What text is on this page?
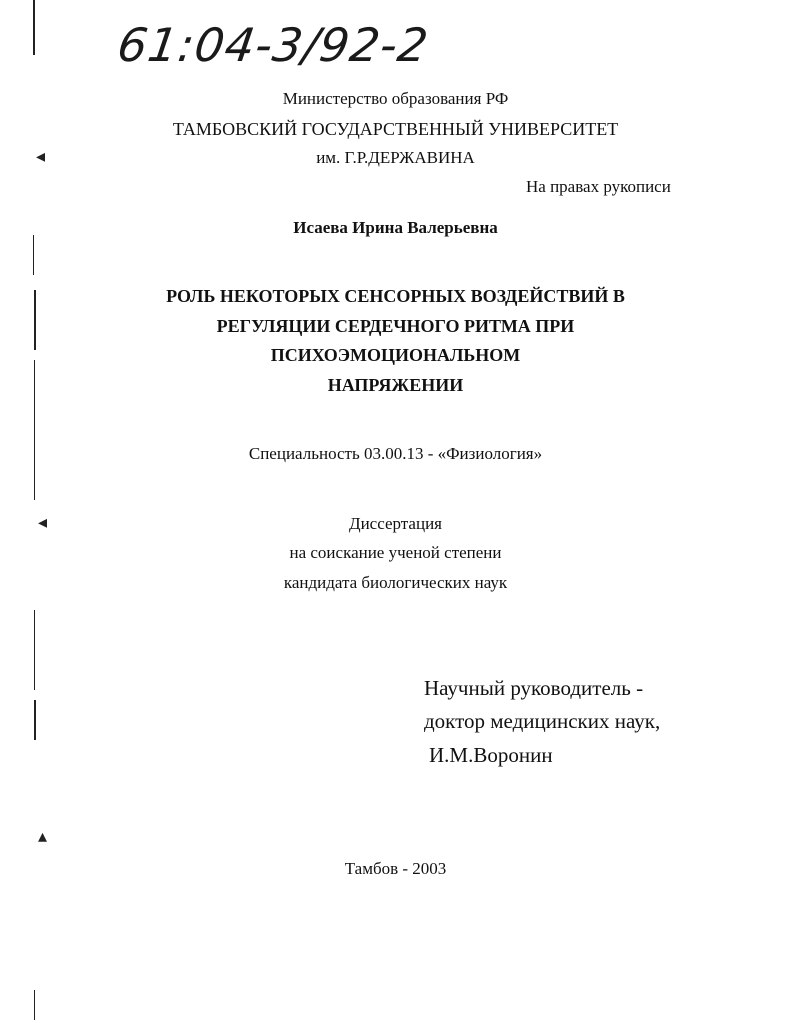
◂
◂
▴
61:04-3/92-2
Министерство образования РФ
ТАМБОВСКИЙ ГОСУДАРСТВЕННЫЙ УНИВЕРСИТЕТ
им. Г.Р.ДЕРЖАВИНА
На правах рукописи
Исаева Ирина Валерьевна
РОЛЬ НЕКОТОРЫХ СЕНСОРНЫХ ВОЗДЕЙСТВИЙ В
РЕГУЛЯЦИИ СЕРДЕЧНОГО РИТМА ПРИ
ПСИХОЭМОЦИОНАЛЬНОМ
НАПРЯЖЕНИИ
Специальность 03.00.13 - «Физиология»
Диссертация
на соискание ученой степени
кандидата биологических наук
Научный руководитель -
доктор медицинских наук,
И.М.Воронин
Тамбов - 2003
